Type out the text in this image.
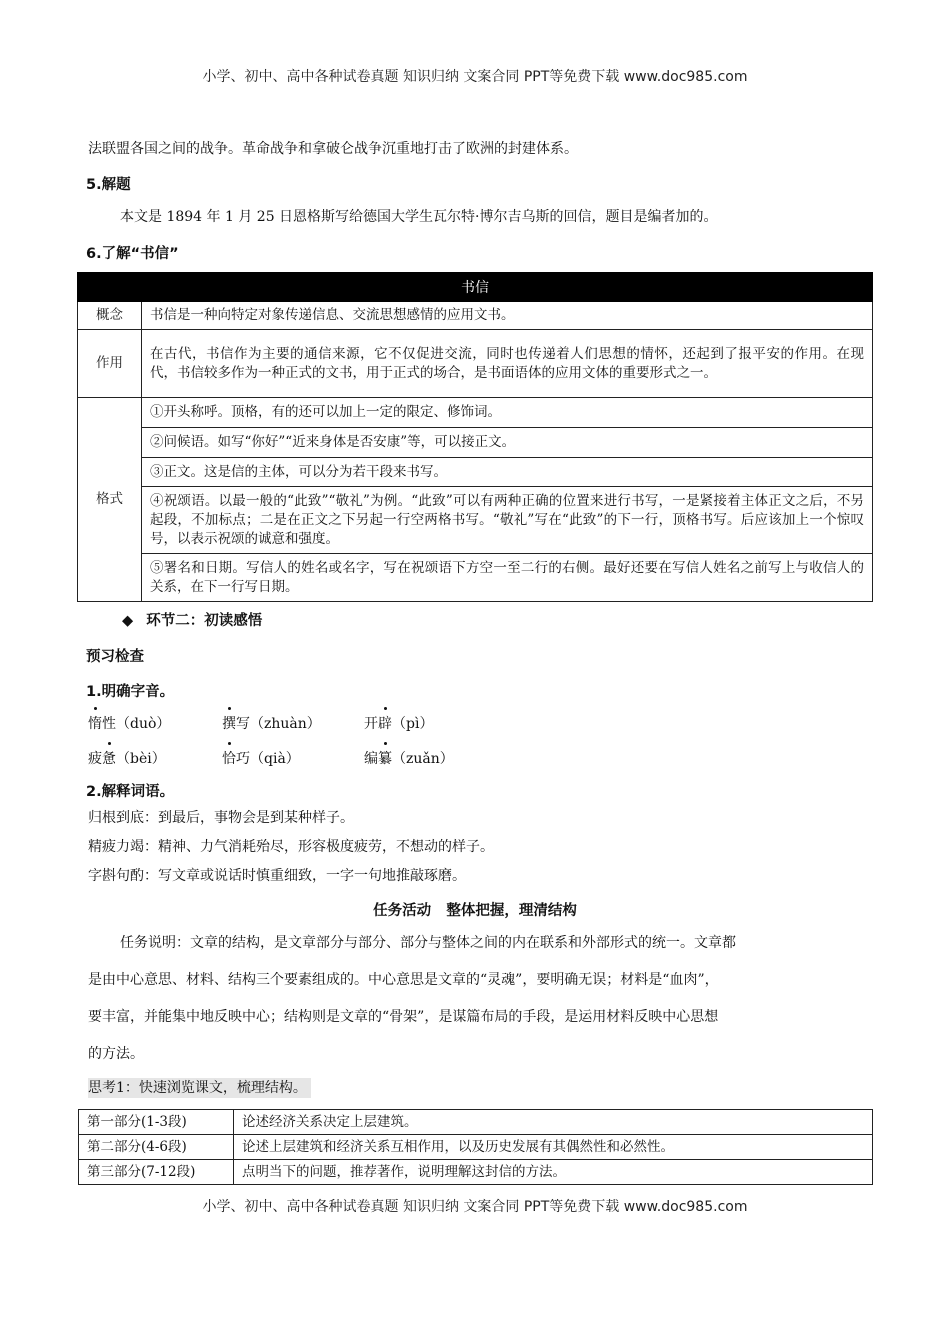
小学、初中、高中各种试卷真题 知识归纳 文案合同 PPT等免费下载 www.doc985.com
法联盟各国之间的战争。革命战争和拿破仑战争沉重地打击了欧洲的封建体系。
5.解题
本文是 1894 年 1 月 25 日恩格斯写给德国大学生瓦尔特·博尔吉乌斯的回信，题目是编者加的。
6.了解“书信”
书信	
概念	书信是一种向特定对象传递信息、交流思想感情的应用文书。
作用	在古代，书信作为主要的通信来源，它不仅促进交流，同时也传递着人们思想的情怀，还起到了报平安的作用。在现代，书信较多作为一种正式的文书，用于正式的场合，是书面语体的应用文体的重要形式之一。
格式	①开头称呼。顶格，有的还可以加上一定的限定、修饰词。
	②问候语。如写“你好”“近来身体是否安康”等，可以接正文。
	③正文。这是信的主体，可以分为若干段来书写。
	④祝颂语。以最一般的“此致”“敬礼”为例。“此致”可以有两种正确的位置来进行书写，一是紧接着主体正文之后，不另起段，不加标点；二是在正文之下另起一行空两格书写。“敬礼”写在“此致”的下一行，顶格书写。后应该加上一个惊叹号，以表示祝颂的诚意和强度。
	⑤署名和日期。写信人的姓名或名字，写在祝颂语下方空一至二行的右侧。最好还要在写信人姓名之前写上与收信人的关系，在下一行写日期。
◆ 环节二：初读感悟
预习检查
1.明确字音。
惰性（duò）	撰写（zhuàn）	开辟（pì）
疲惫（bèi）	恰巧（qià）	编纂（zuǎn）
2.解释词语。
归根到底：到最后，事物会是到某种样子。
精疲力竭：精神、力气消耗殆尽，形容极度疲劳，不想动的样子。
字斟句酌：写文章或说话时慎重细致，一字一句地推敲琢磨。
任务活动   整体把握，理清结构
任务说明：文章的结构，是文章部分与部分、部分与整体之间的内在联系和外部形式的统一。文章都
是由中心意思、材料、结构三个要素组成的。中心意思是文章的“灵魂”，要明确无误；材料是“血肉”，
要丰富，并能集中地反映中心；结构则是文章的“骨架”，是谋篇布局的手段，是运用材料反映中心思想
的方法。
思考1：快速浏览课文，梳理结构。
第一部分(1-3段)	论述经济关系决定上层建筑。
第二部分(4-6段)	论述上层建筑和经济关系互相作用，以及历史发展有其偶然性和必然性。
第三部分(7-12段)	点明当下的问题，推荐著作，说明理解这封信的方法。
小学、初中、高中各种试卷真题 知识归纳 文案合同 PPT等免费下载 www.doc985.com
